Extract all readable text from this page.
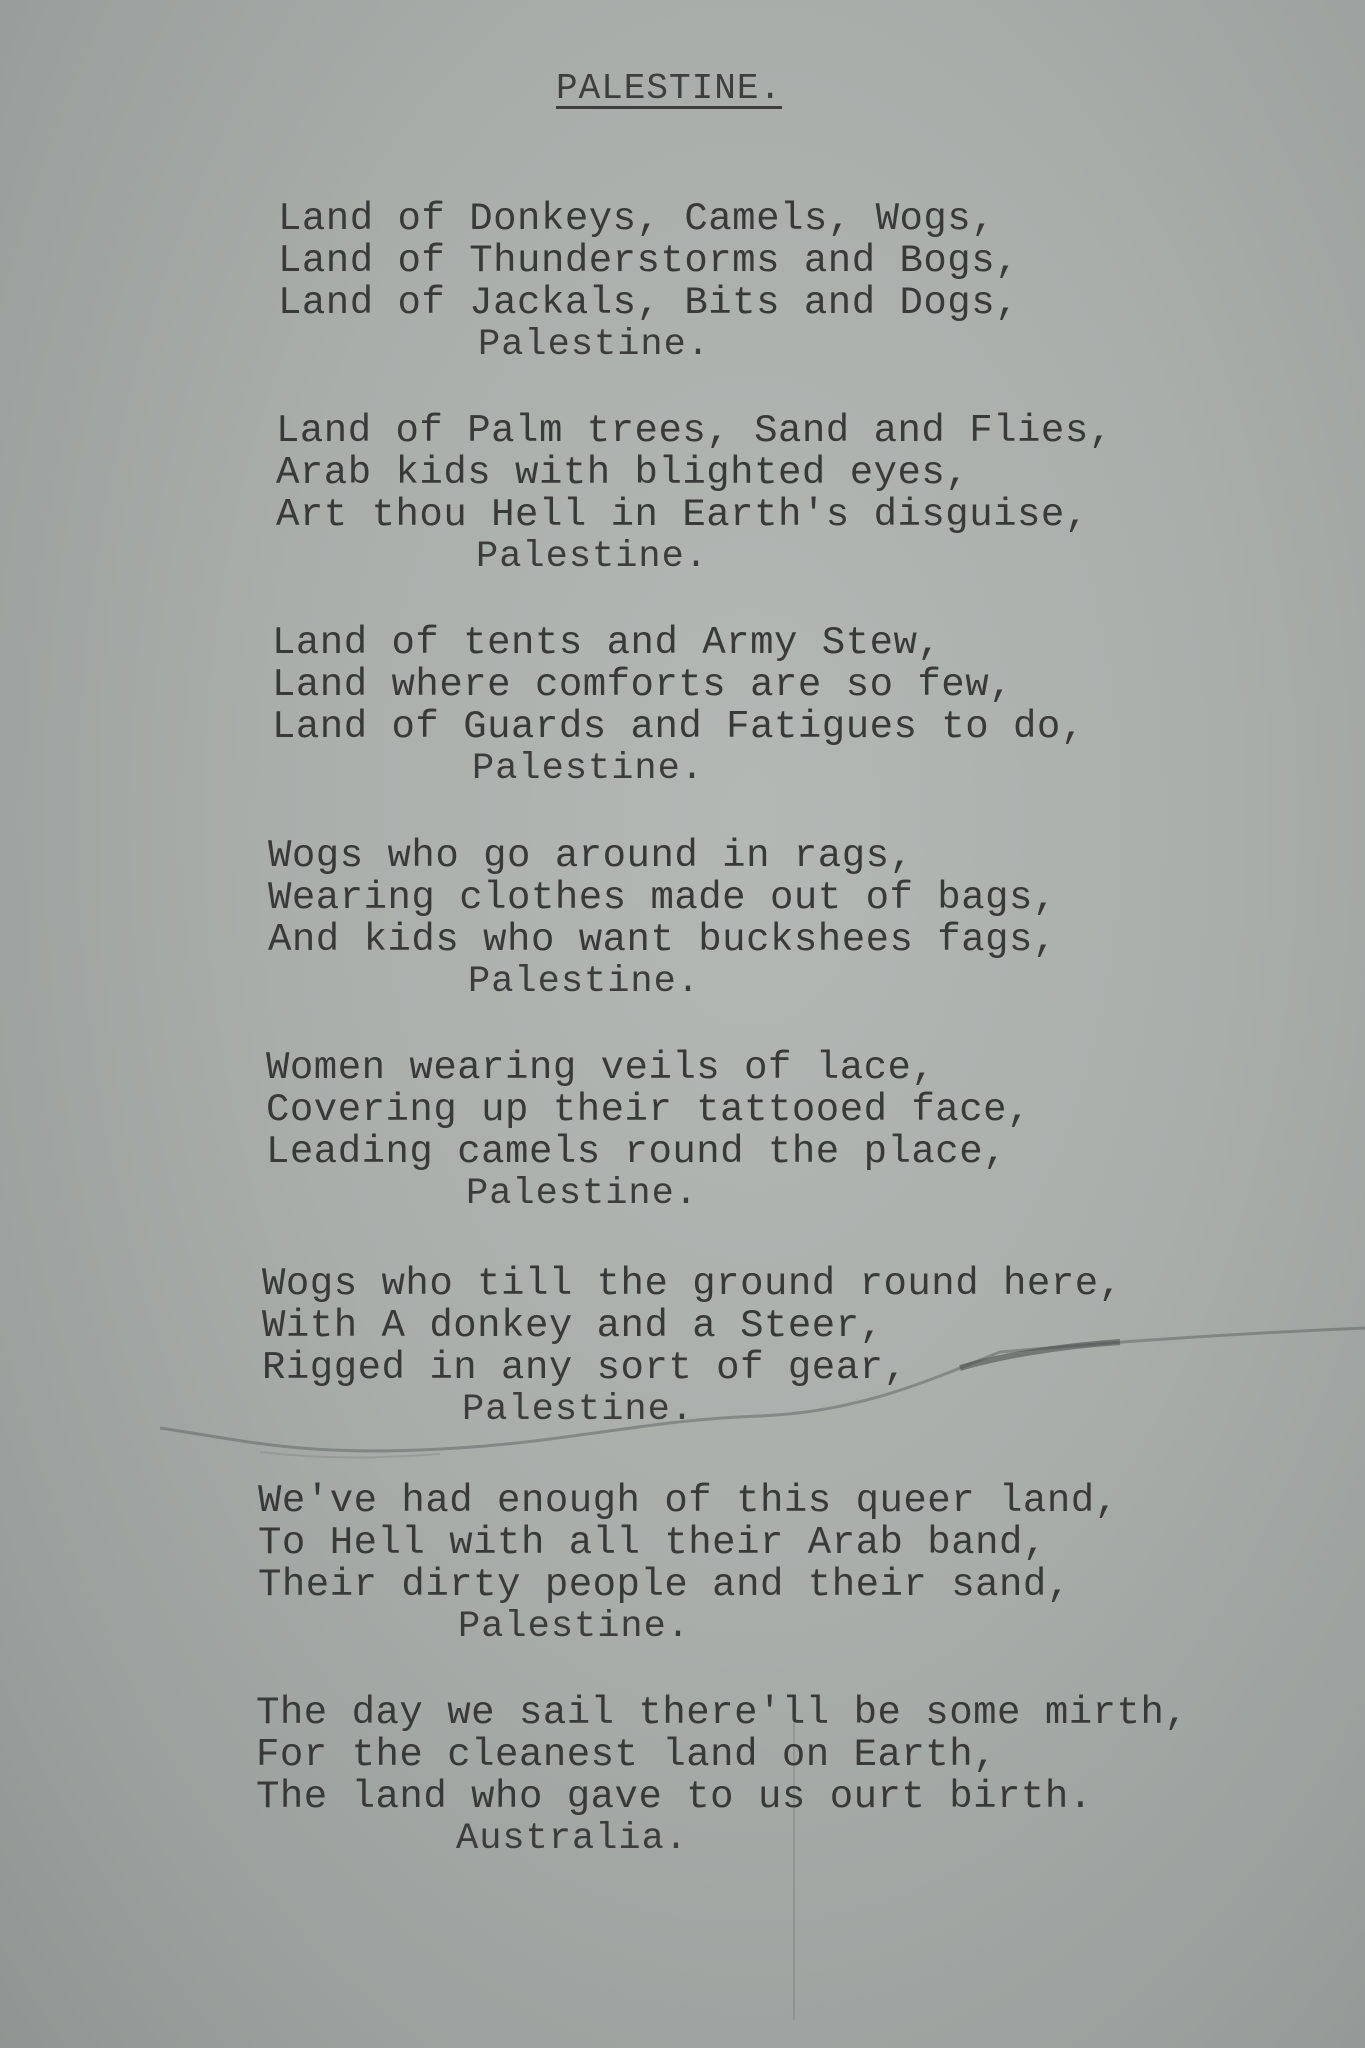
PALESTINE.
Land of Donkeys, Camels, Wogs,
Land of Thunderstorms and Bogs,
Land of Jackals, Bits and Dogs,
Palestine.
Land of Palm trees, Sand and Flies,
Arab kids with blighted eyes,
Art thou Hell in Earth's disguise,
Palestine.
Land of tents and Army Stew,
Land where comforts are so few,
Land of Guards and Fatigues to do,
Palestine.
Wogs who go around in rags,
Wearing clothes made out of bags,
And kids who want buckshees fags,
Palestine.
Women wearing veils of lace,
Covering up their tattooed face,
Leading camels round the place,
Palestine.
Wogs who till the ground round here,
With A donkey and a Steer,
Rigged in any sort of gear,
Palestine.
We've had enough of this queer land,
To Hell with all their Arab band,
Their dirty people and their sand,
Palestine.
The day we sail there'll be some mirth,
For the cleanest land on Earth,
The land who gave to us ourt birth.
Australia.
